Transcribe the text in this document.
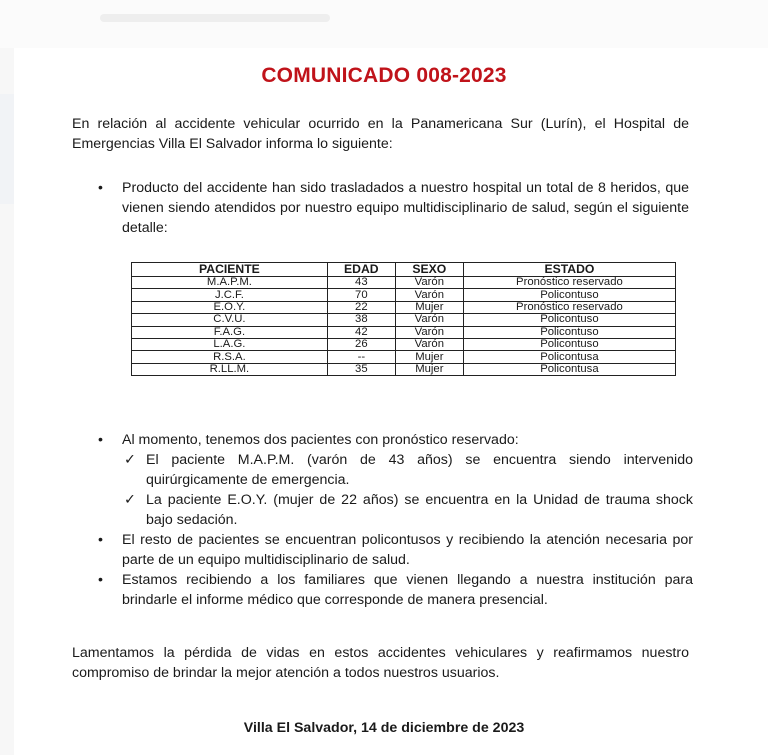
COMUNICADO 008-2023

En relación al accidente vehicular ocurrido en la Panamericana Sur (Lurín), el Hospital de Emergencias Villa El Salvador informa lo siguiente:

•	Producto del accidente han sido trasladados a nuestro hospital un total de 8 heridos, que vienen siendo atendidos por nuestro equipo multidisciplinario de salud, según el siguiente detalle:

PACIENTE	EDAD	SEXO	ESTADO
M.A.P.M.	43	Varón	Pronóstico reservado
J.C.F.	70	Varón	Policontuso
E.O.Y.	22	Mujer	Pronóstico reservado
C.V.U.	38	Varón	Policontuso
F.A.G.	42	Varón	Policontuso
L.A.G.	26	Varón	Policontuso
R.S.A.	--	Mujer	Policontusa
R.LL.M.	35	Mujer	Policontusa
• Al momento, tenemos dos pacientes con pronóstico reservado:
✓ El paciente M.A.P.M. (varón de 43 años) se encuentra siendo intervenido quirúrgicamente de emergencia.
✓ La paciente E.O.Y. (mujer de 22 años) se encuentra en la Unidad de trauma shock bajo sedación.
• El resto de pacientes se encuentran policontusos y recibiendo la atención necesaria por parte de un equipo multidisciplinario de salud.
• Estamos recibiendo a los familiares que vienen llegando a nuestra institución para brindarle el informe médico que corresponde de manera presencial.

Lamentamos la pérdida de vidas en estos accidentes vehiculares y reafirmamos nuestro compromiso de brindar la mejor atención a todos nuestros usuarios.

Villa El Salvador, 14 de diciembre de 2023
